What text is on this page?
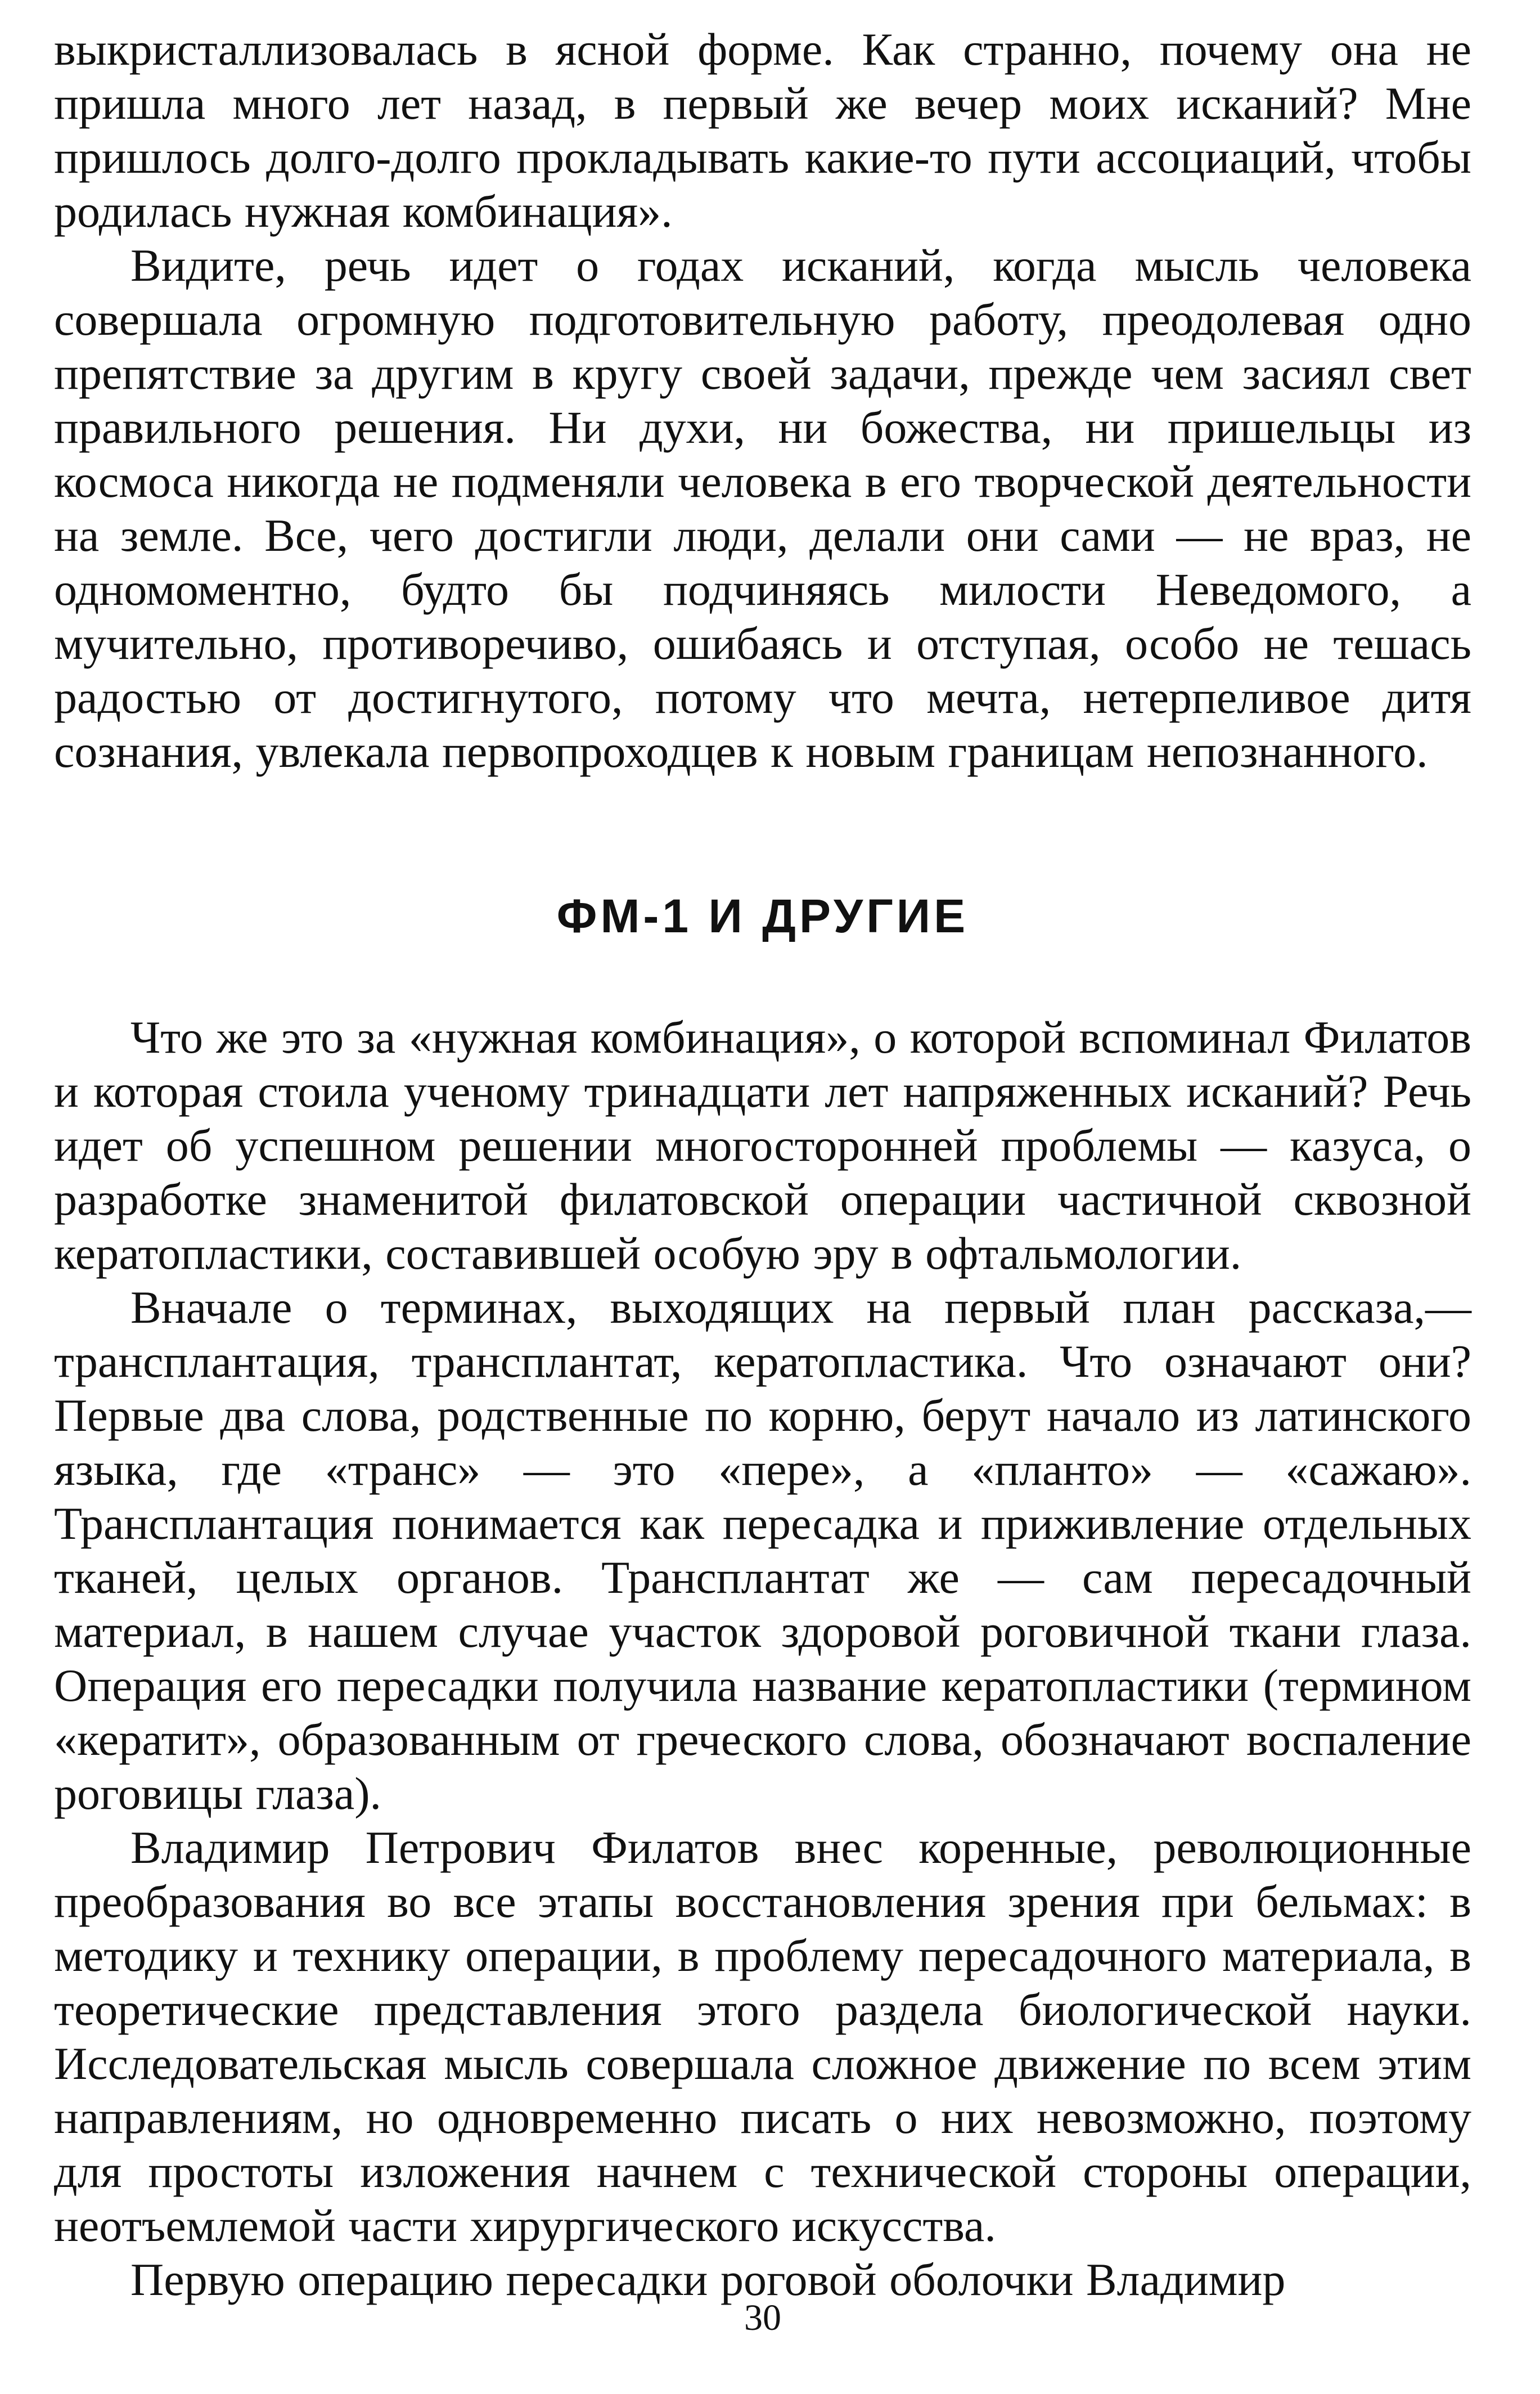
выкристаллизовалась в ясной форме. Как странно, почему она не пришла много лет назад, в первый же вечер моих исканий? Мне пришлось долго-долго прокладывать какие-то пути ассоциаций, чтобы родилась нужная комбинация».

Видите, речь идет о годах исканий, когда мысль человека совершала огромную подготовительную работу, преодолевая одно препятствие за другим в кругу своей задачи, прежде чем засиял свет правильного решения. Ни духи, ни божества, ни пришельцы из космоса никогда не подменяли человека в его творческой деятельности на земле. Все, чего достигли люди, делали они сами — не враз, не одномоментно, будто бы подчиняясь милости Неведомого, а мучительно, противоречиво, ошибаясь и отступая, особо не тешась радостью от достигнутого, потому что мечта, нетерпеливое дитя сознания, увлекала первопроходцев к новым границам непознанного.

ФМ-1 И ДРУГИЕ

Что же это за «нужная комбинация», о которой вспоминал Филатов и которая стоила ученому тринадцати лет напряженных исканий? Речь идет об успешном решении многосторонней проблемы — казуса, о разработке знаменитой филатовской операции частичной сквозной кератопластики, составившей особую эру в офтальмологии.

Вначале о терминах, выходящих на первый план рассказа,— трансплантация, трансплантат, кератопластика. Что означают они? Первые два слова, родственные по корню, берут начало из латинского языка, где «транс» — это «пере», а «планто» — «сажаю». Трансплантация понимается как пересадка и приживление отдельных тканей, целых органов. Трансплантат же — сам пересадочный материал, в нашем случае участок здоровой роговичной ткани глаза. Операция его пересадки получила название кератопластики (термином «кератит», образованным от греческого слова, обозначают воспаление роговицы глаза).

Владимир Петрович Филатов внес коренные, революционные преобразования во все этапы восстановления зрения при бельмах: в методику и технику операции, в проблему пересадочного материала, в теоретические представления этого раздела биологической науки. Исследовательская мысль совершала сложное движение по всем этим направлениям, но одновременно писать о них невозможно, поэтому для простоты изложения начнем с технической стороны операции, неотъемлемой части хирургического искусства.

Первую операцию пересадки роговой оболочки Владимир

30
